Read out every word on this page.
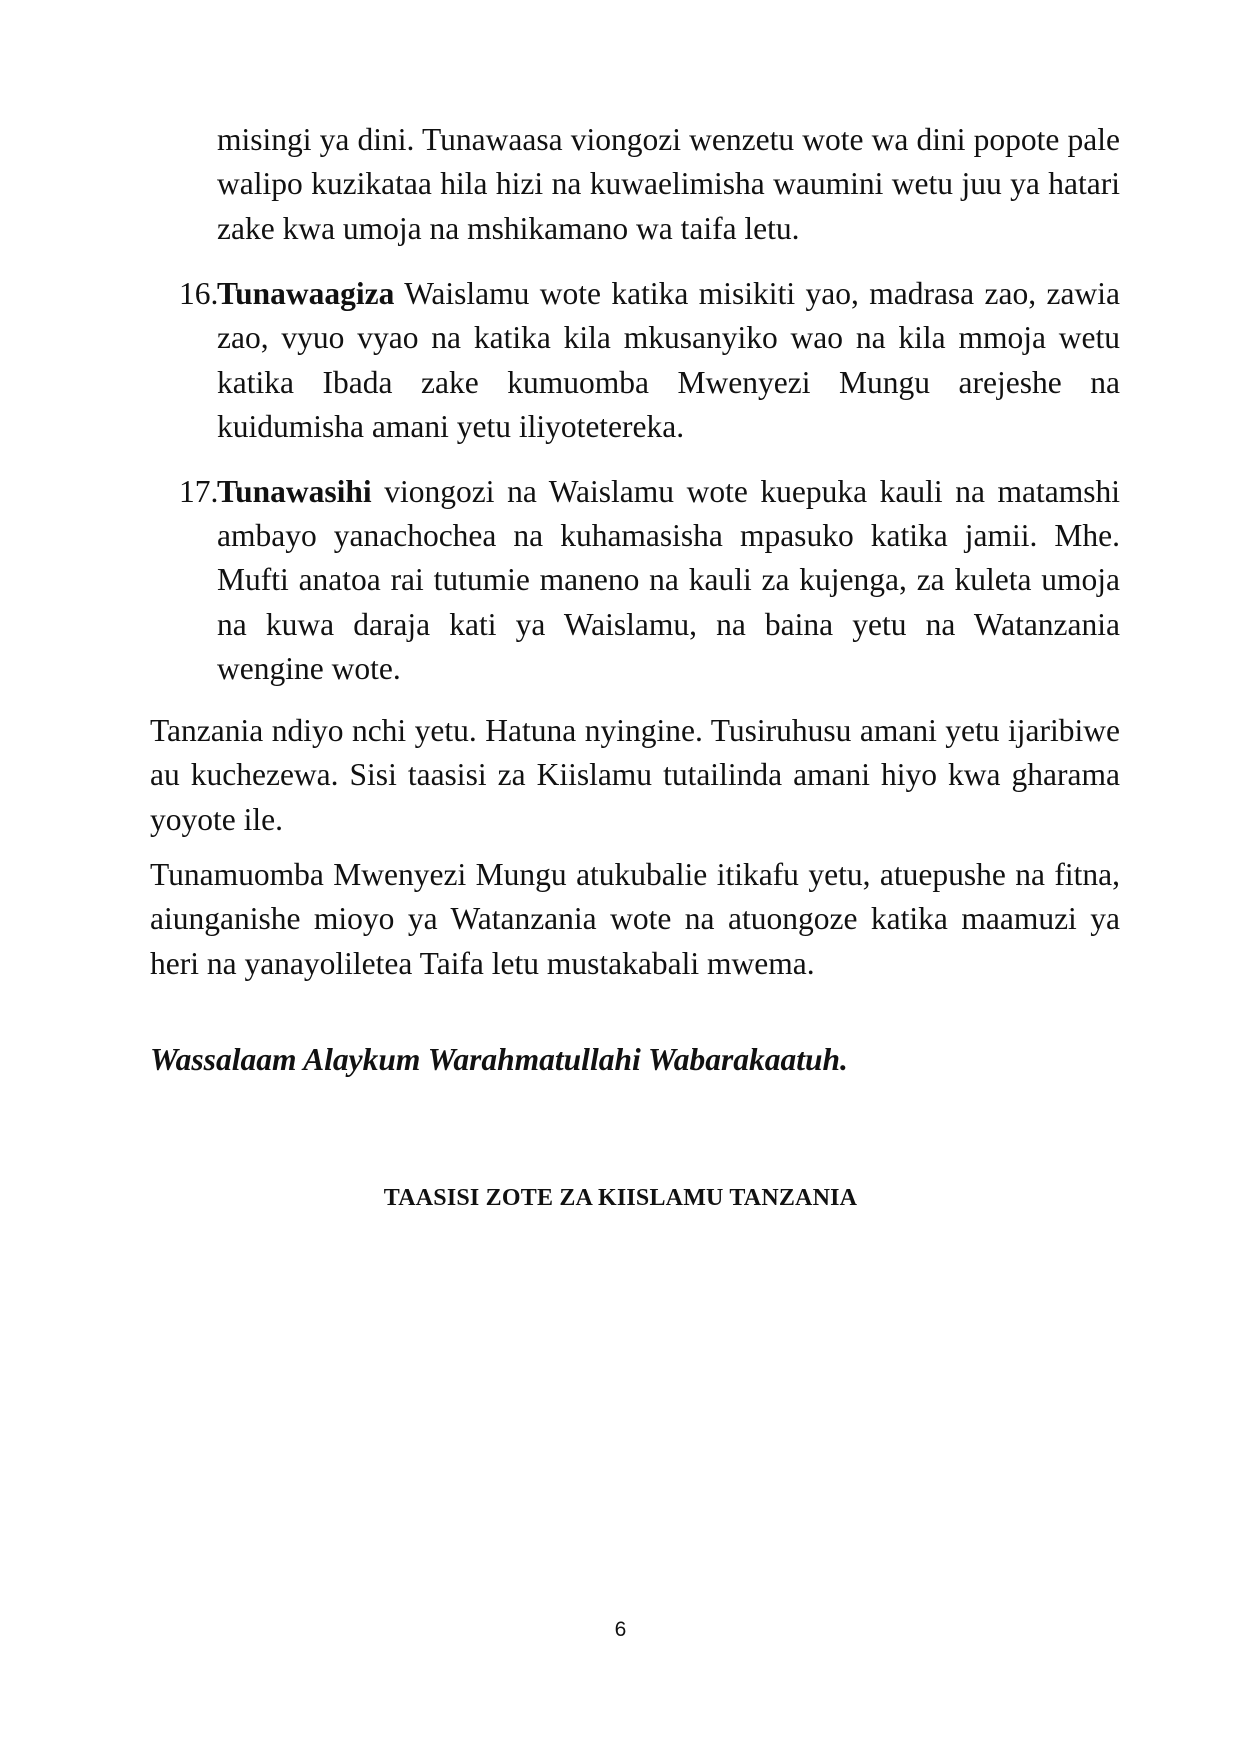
misingi ya dini. Tunawaasa viongozi wenzetu wote wa dini popote pale walipo kuzikataa hila hizi na kuwaelimisha waumini wetu juu ya hatari zake kwa umoja na mshikamano wa taifa letu.

16.
Tunawaagiza Waislamu wote katika misikiti yao, madrasa zao, zawia zao, vyuo vyao na katika kila mkusanyiko wao na kila mmoja wetu katika Ibada zake kumuomba Mwenyezi Mungu arejeshe na kuidumisha amani yetu iliyotetereka.

17.
Tunawasihi viongozi na Waislamu wote kuepuka kauli na matamshi ambayo yanachochea na kuhamasisha mpasuko katika jamii. Mhe. Mufti anatoa rai tutumie maneno na kauli za kujenga, za kuleta umoja na kuwa daraja kati ya Waislamu, na baina yetu na Watanzania wengine wote.

Tanzania ndiyo nchi yetu. Hatuna nyingine. Tusiruhusu amani yetu ijaribiwe au kuchezewa. Sisi taasisi za Kiislamu tutailinda amani hiyo kwa gharama yoyote ile.

Tunamuomba Mwenyezi Mungu atukubalie itikafu yetu, atuepushe na fitna, aiunganishe mioyo ya Watanzania wote na atuongoze katika maamuzi ya heri na yanayoliletea Taifa letu mustakabali mwema.

Wassalaam Alaykum Warahmatullahi Wabarakaatuh.

TAASISI ZOTE ZA KIISLAMU TANZANIA

6
